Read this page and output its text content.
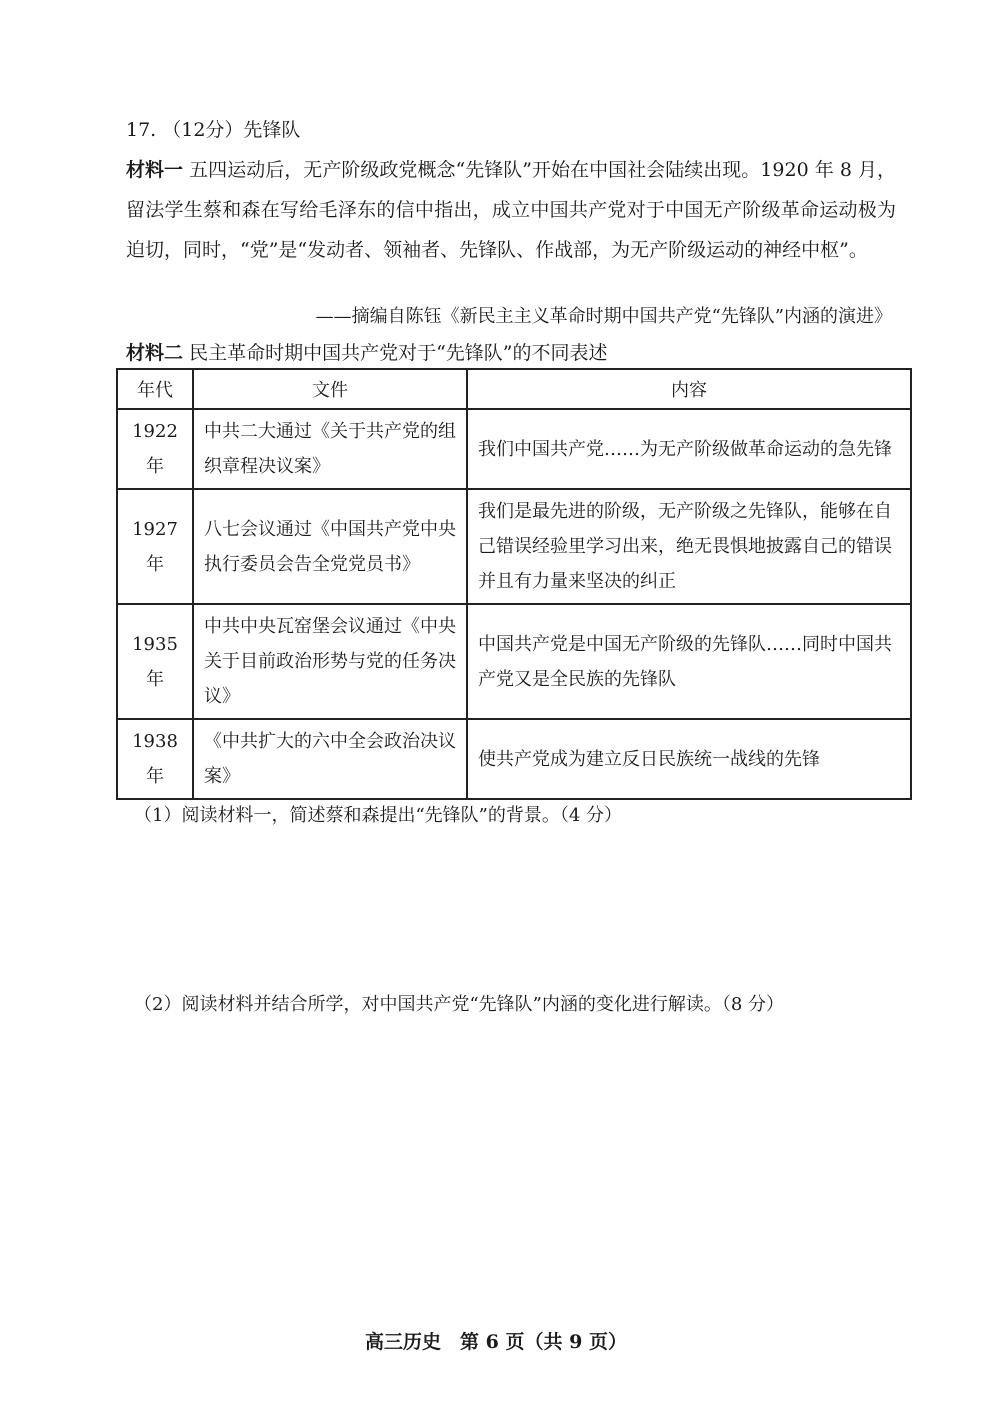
17. （12分）先锋队
材料一 五四运动后，无产阶级政党概念“先锋队”开始在中国社会陆续出现。1920 年 8 月，留法学生蔡和森在写给毛泽东的信中指出，成立中国共产党对于中国无产阶级革命运动极为迫切，同时，“党”是“发动者、领袖者、先锋队、作战部，为无产阶级运动的神经中枢”。
——摘编自陈钰《新民主主义革命时期中国共产党“先锋队”内涵的演进》
材料二 民主革命时期中国共产党对于“先锋队”的不同表述
年代	文件	内容
1922年	中共二大通过《关于共产党的组织章程决议案》	我们中国共产党……为无产阶级做革命运动的急先锋
1927年	八七会议通过《中国共产党中央执行委员会告全党党员书》	我们是最先进的阶级，无产阶级之先锋队，能够在自己错误经验里学习出来，绝无畏惧地披露自己的错误并且有力量来坚决的纠正
1935年	中共中央瓦窑堡会议通过《中央关于目前政治形势与党的任务决议》	中国共产党是中国无产阶级的先锋队……同时中国共产党又是全民族的先锋队
1938年	《中共扩大的六中全会政治决议案》	使共产党成为建立反日民族统一战线的先锋
（1）阅读材料一，简述蔡和森提出“先锋队”的背景。（4 分）
（2）阅读材料并结合所学，对中国共产党“先锋队”内涵的变化进行解读。（8 分）
高三历史　第 6 页（共 9 页）
